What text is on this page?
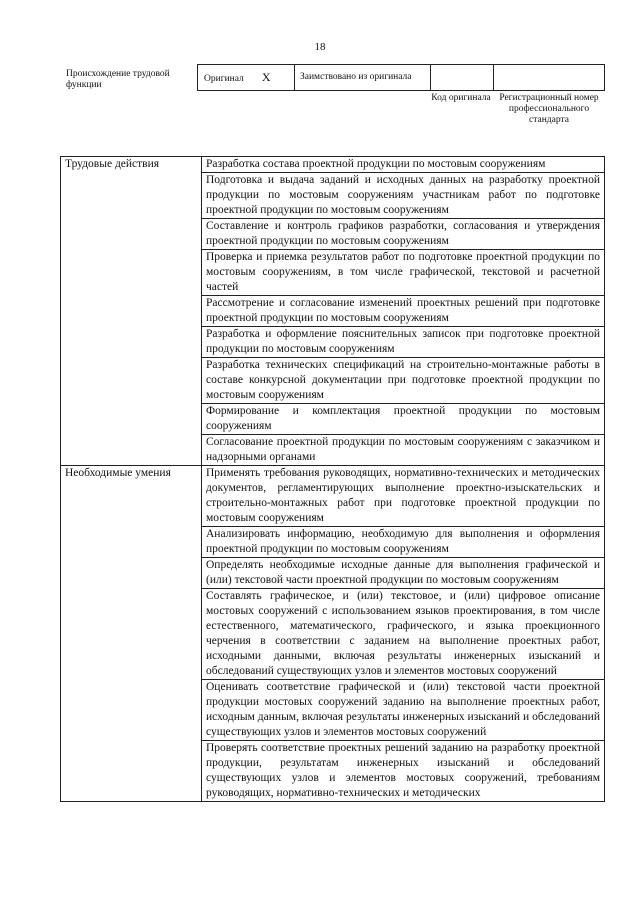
18
Происхождение трудовой функции
Оригинал X	Заимствовано из оригинала		
Код оригинала Регистрационный номер профессионального стандарта
Трудовые действия	Разработка состава проектной продукции по мостовым сооружениям
	Подготовка и выдача заданий и исходных данных на разработку проектной продукции по мостовым сооружениям участникам работ по подготовке проектной продукции по мостовым сооружениям
	Составление и контроль графиков разработки, согласования и утверждения проектной продукции по мостовым сооружениям
	Проверка и приемка результатов работ по подготовке проектной продукции по мостовым сооружениям, в том числе графической, текстовой и расчетной частей
	Рассмотрение и согласование изменений проектных решений при подготовке проектной продукции по мостовым сооружениям
	Разработка и оформление пояснительных записок при подготовке проектной продукции по мостовым сооружениям
	Разработка технических спецификаций на строительно-монтажные работы в составе конкурсной документации при подготовке проектной продукции по мостовым сооружениям
	Формирование и комплектация проектной продукции по мостовым сооружениям
	Согласование проектной продукции по мостовым сооружениям с заказчиком и надзорными органами
Необходимые умения	Применять требования руководящих, нормативно-технических и методических документов, регламентирующих выполнение проектно-изыскательских и строительно-монтажных работ при подготовке проектной продукции по мостовым сооружениям
	Анализировать информацию, необходимую для выполнения и оформления проектной продукции по мостовым сооружениям
	Определять необходимые исходные данные для выполнения графической и (или) текстовой части проектной продукции по мостовым сооружениям
	Составлять графическое, и (или) текстовое, и (или) цифровое описание мостовых сооружений с использованием языков проектирования, в том числе естественного, математического, графического, и языка проекционного черчения в соответствии с заданием на выполнение проектных работ, исходными данными, включая результаты инженерных изысканий и обследований существующих узлов и элементов мостовых сооружений
	Оценивать соответствие графической и (или) текстовой части проектной продукции мостовых сооружений заданию на выполнение проектных работ, исходным данным, включая результаты инженерных изысканий и обследований существующих узлов и элементов мостовых сооружений
	Проверять соответствие проектных решений заданию на разработку проектной продукции, результатам инженерных изысканий и обследований существующих узлов и элементов мостовых сооружений, требованиям руководящих, нормативно-технических и методических
